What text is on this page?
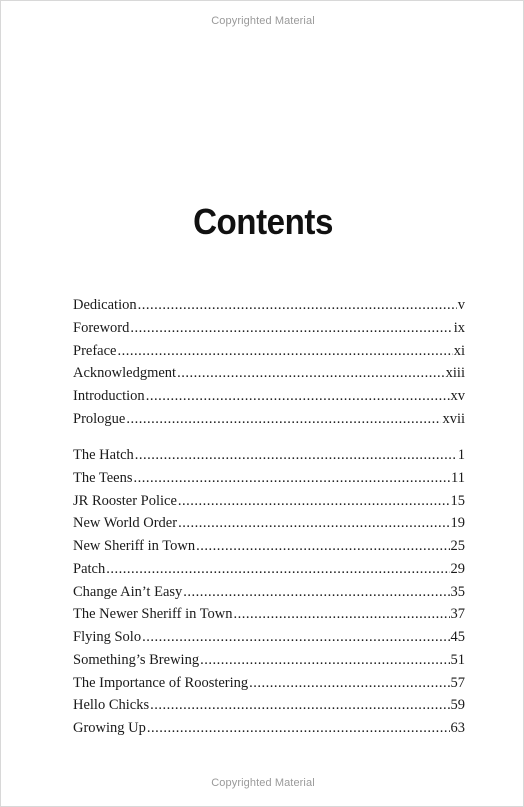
Copyrighted Material
Contents
Dedication .....	v
Foreword .....	ix
Preface .....	xi
Acknowledgment .....	xiii
Introduction .....	xv
Prologue .....	xvii
The Hatch .....	1
The Teens .....	11
JR Rooster Police .....	15
New World Order .....	19
New Sheriff in Town .....	25
Patch .....	29
Change Ain’t Easy .....	35
The Newer Sheriff in Town .....	37
Flying Solo .....	45
Something’s Brewing .....	51
The Importance of Roostering .....	57
Hello Chicks .....	59
Growing Up .....	63
Copyrighted Material
